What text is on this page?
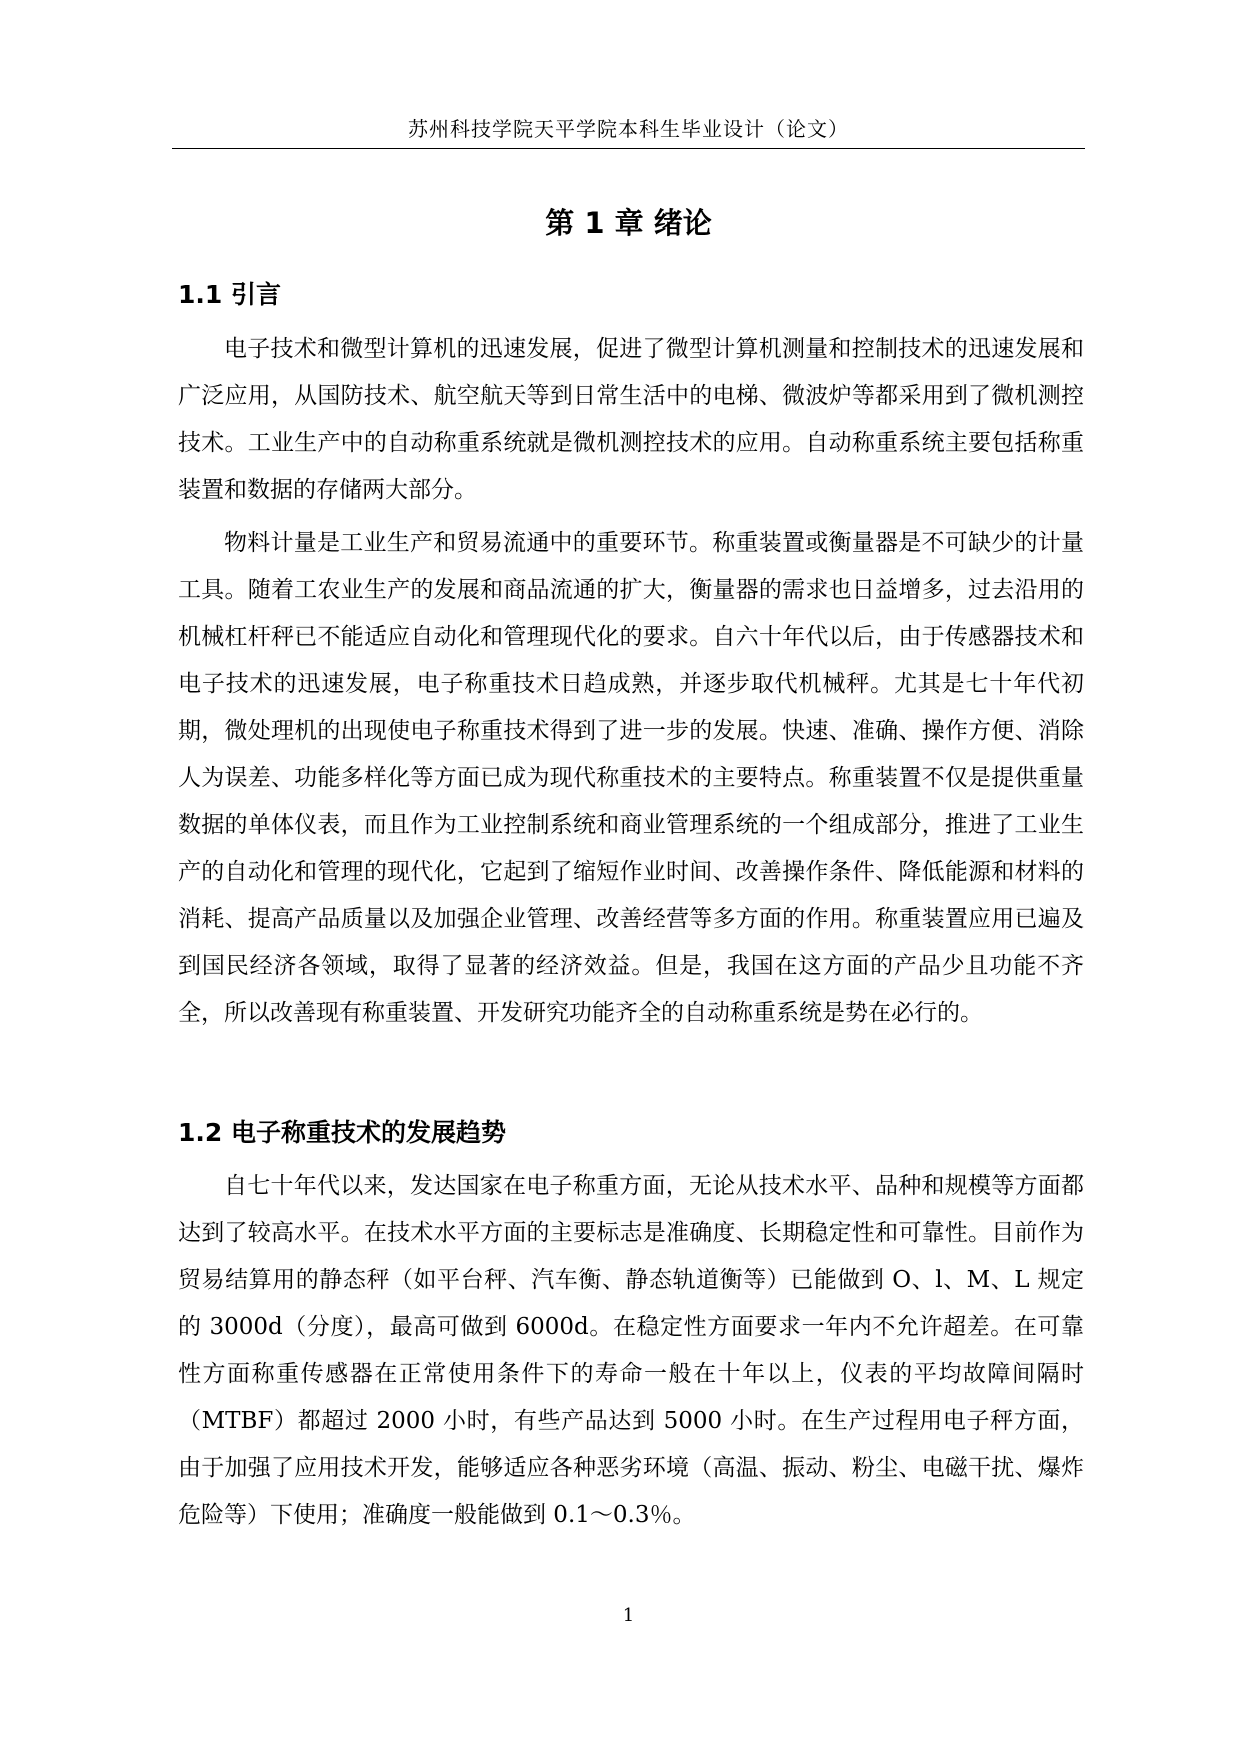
苏州科技学院天平学院本科生毕业设计（论文）
第 1 章 绪论
1.1 引言

电子技术和微型计算机的迅速发展，促进了微型计算机测量和控制技术的迅速发展和广泛应用，从国防技术、航空航天等到日常生活中的电梯、微波炉等都采用到了微机测控技术。工业生产中的自动称重系统就是微机测控技术的应用。自动称重系统主要包括称重装置和数据的存储两大部分。

物料计量是工业生产和贸易流通中的重要环节。称重装置或衡量器是不可缺少的计量工具。随着工农业生产的发展和商品流通的扩大，衡量器的需求也日益增多，过去沿用的机械杠杆秤已不能适应自动化和管理现代化的要求。自六十年代以后，由于传感器技术和电子技术的迅速发展，电子称重技术日趋成熟，并逐步取代机械秤。尤其是七十年代初期，微处理机的出现使电子称重技术得到了进一步的发展。快速、准确、操作方便、消除人为误差、功能多样化等方面已成为现代称重技术的主要特点。称重装置不仅是提供重量数据的单体仪表，而且作为工业控制系统和商业管理系统的一个组成部分，推进了工业生产的自动化和管理的现代化，它起到了缩短作业时间、改善操作条件、降低能源和材料的消耗、提高产品质量以及加强企业管理、改善经营等多方面的作用。称重装置应用已遍及到国民经济各领域，取得了显著的经济效益。但是，我国在这方面的产品少且功能不齐全，所以改善现有称重装置、开发研究功能齐全的自动称重系统是势在必行的。

1.2 电子称重技术的发展趋势

自七十年代以来，发达国家在电子称重方面，无论从技术水平、品种和规模等方面都达到了较高水平。在技术水平方面的主要标志是准确度、长期稳定性和可靠性。目前作为贸易结算用的静态秤（如平台秤、汽车衡、静态轨道衡等）已能做到 O、l、M、L 规定的 3000d（分度），最高可做到 6000d。在稳定性方面要求一年内不允许超差。在可靠性方面称重传感器在正常使用条件下的寿命一般在十年以上，仪表的平均故障间隔时（MTBF）都超过 2000 小时，有些产品达到 5000 小时。在生产过程用电子秤方面，由于加强了应用技术开发，能够适应各种恶劣环境（高温、振动、粉尘、电磁干扰、爆炸危险等）下使用；准确度一般能做到 0.1～0.3％。

1
